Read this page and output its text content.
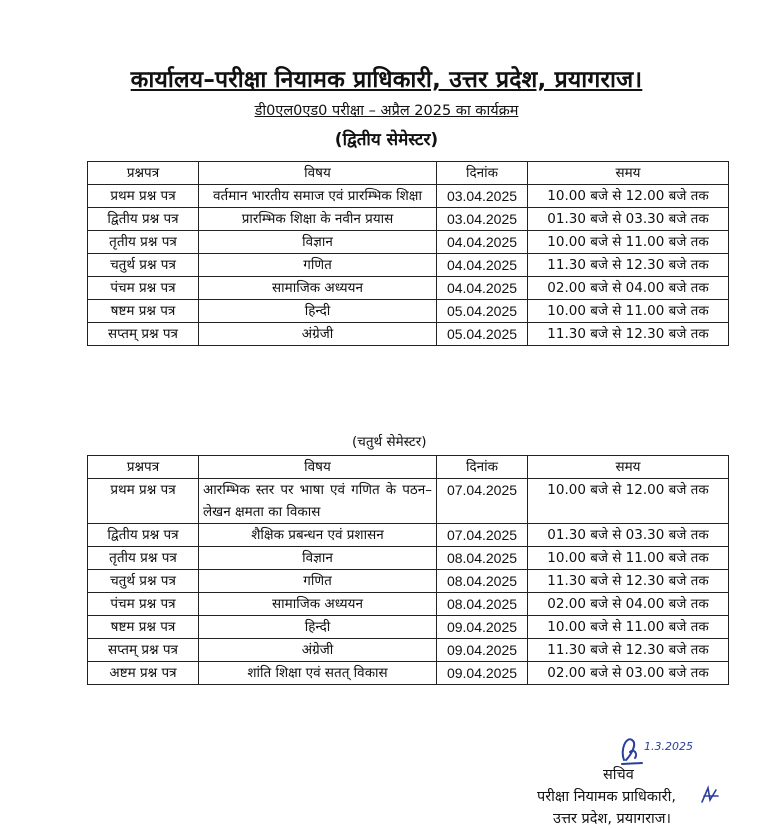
कार्यालय–परीक्षा नियामक प्राधिकारी, उत्तर प्रदेश, प्रयागराज।
डी0एल0एड0 परीक्षा – अप्रैल 2025 का कार्यक्रम
(द्वितीय सेमेस्टर)
प्रश्नपत्र	विषय	दिनांक	समय
प्रथम प्रश्न पत्र	वर्तमान भारतीय समाज एवं प्रारम्भिक शिक्षा	03.04.2025	10.00 बजे से 12.00 बजे तक
द्वितीय प्रश्न पत्र	प्रारम्भिक शिक्षा के नवीन प्रयास	03.04.2025	01.30 बजे से 03.30 बजे तक
तृतीय प्रश्न पत्र	विज्ञान	04.04.2025	10.00 बजे से 11.00 बजे तक
चतुर्थ प्रश्न पत्र	गणित	04.04.2025	11.30 बजे से 12.30 बजे तक
पंचम प्रश्न पत्र	सामाजिक अध्ययन	04.04.2025	02.00 बजे से 04.00 बजे तक
षष्टम प्रश्न पत्र	हिन्दी	05.04.2025	10.00 बजे से 11.00 बजे तक
सप्तम् प्रश्न पत्र	अंग्रेजी	05.04.2025	11.30 बजे से 12.30 बजे तक
(चतुर्थ सेमेस्टर)
प्रश्नपत्र	विषय	दिनांक	समय
प्रथम प्रश्न पत्र	आरम्भिक स्तर पर भाषा एवं गणित के पठन–लेखन क्षमता का विकास	07.04.2025	10.00 बजे से 12.00 बजे तक
द्वितीय प्रश्न पत्र	शैक्षिक प्रबन्धन एवं प्रशासन	07.04.2025	01.30 बजे से 03.30 बजे तक
तृतीय प्रश्न पत्र	विज्ञान	08.04.2025	10.00 बजे से 11.00 बजे तक
चतुर्थ प्रश्न पत्र	गणित	08.04.2025	11.30 बजे से 12.30 बजे तक
पंचम प्रश्न पत्र	सामाजिक अध्ययन	08.04.2025	02.00 बजे से 04.00 बजे तक
षष्टम प्रश्न पत्र	हिन्दी	09.04.2025	10.00 बजे से 11.00 बजे तक
सप्तम् प्रश्न पत्र	अंग्रेजी	09.04.2025	11.30 बजे से 12.30 बजे तक
अष्टम प्रश्न पत्र	शांति शिक्षा एवं सतत् विकास	09.04.2025	02.00 बजे से 03.00 बजे तक
1.3.2025
सचिव
परीक्षा नियामक प्राधिकारी,
उत्तर प्रदेश, प्रयागराज।
